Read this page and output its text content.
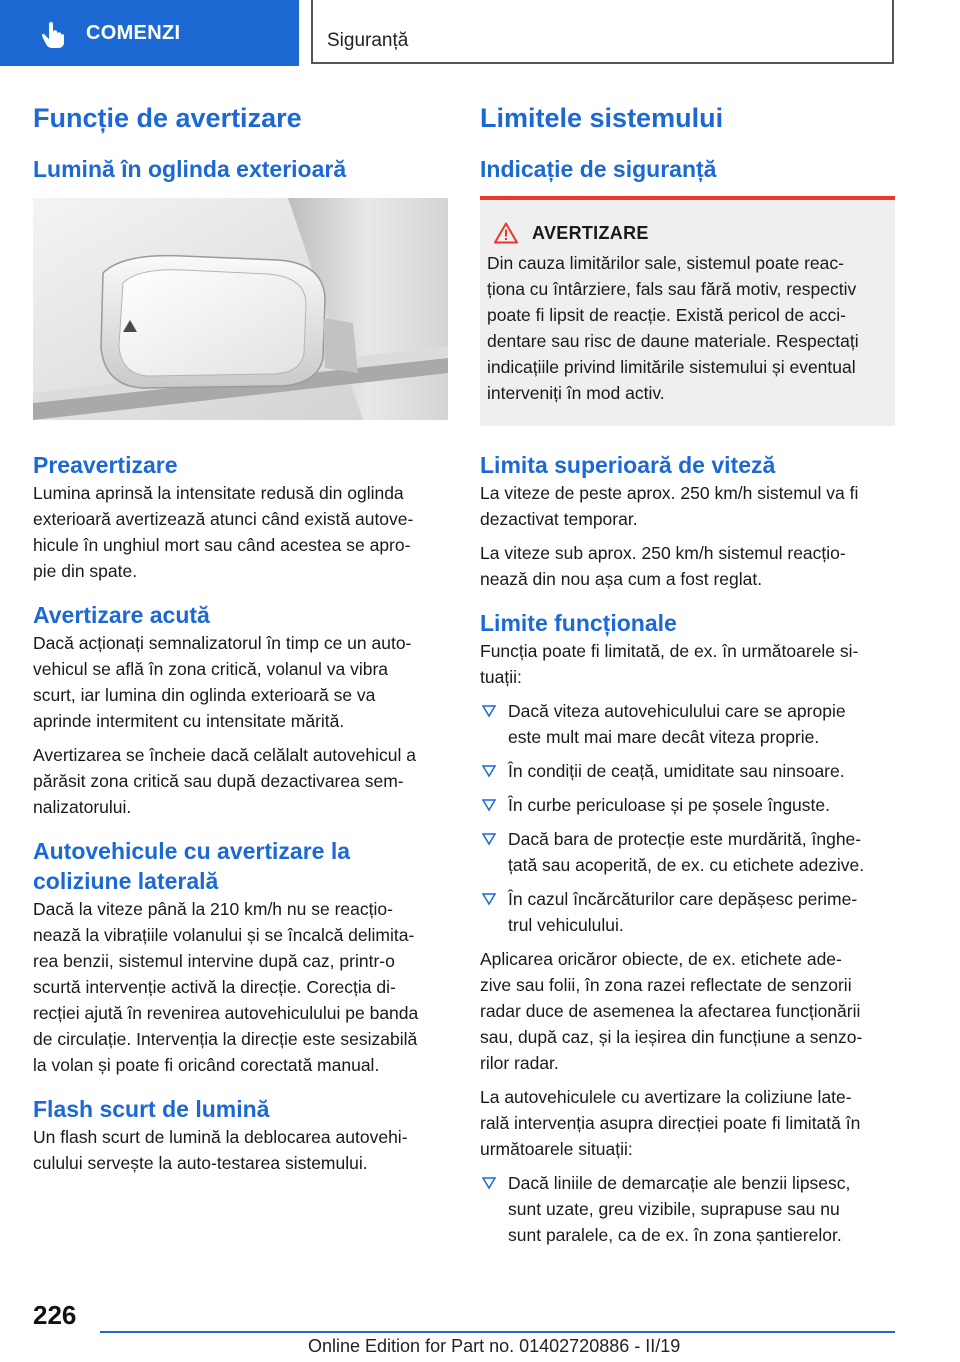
COMENZI	Siguranță
Funcție de avertizare
Lumină în oglinda exterioară
Preavertizare

Lumina aprinsă la intensitate redusă din oglinda
exterioară avertizează atunci când există autove‐
hicule în unghiul mort sau când acestea se apro‐
pie din spate.

Avertizare acută

Dacă acționați semnalizatorul în timp ce un auto‐
vehicul se află în zona critică, volanul va vibra
scurt, iar lumina din oglinda exterioară se va
aprinde intermitent cu intensitate mărită.

Avertizarea se încheie dacă celălalt autovehicul a
părăsit zona critică sau după dezactivarea sem‐
nalizatorului.

Autovehicule cu avertizare la
coliziune laterală

Dacă la viteze până la 210 km/h nu se reacțio‐
nează la vibrațiile volanului și se încalcă delimita‐
rea benzii, sistemul intervine după caz, printr-o
scurtă intervenție activă la direcție. Corecția di‐
recției ajută în revenirea autovehiculului pe banda
de circulație. Intervenția la direcție este sesizabilă
la volan și poate fi oricând corectată manual.

Flash scurt de lumină

Un flash scurt de lumină la deblocarea autovehi‐
culului servește la auto-testarea sistemului.

Limitele sistemului
Indicație de siguranță
AVERTIZARE

Din cauza limitărilor sale, sistemul poate reac‐
ționa cu întârziere, fals sau fără motiv, respectiv
poate fi lipsit de reacție. Există pericol de acci‐
dentare sau risc de daune materiale. Respectați
indicațiile privind limitările sistemului și eventual
interveniți în mod activ.

Limita superioară de viteză

La viteze de peste aprox. 250 km/h sistemul va fi
dezactivat temporar.

La viteze sub aprox. 250 km/h sistemul reacțio‐
nează din nou așa cum a fost reglat.

Limite funcționale

Funcția poate fi limitată, de ex. în următoarele si‐
tuații:

Dacă viteza autovehiculului care se apropie
este mult mai mare decât viteza proprie.
În condiții de ceață, umiditate sau ninsoare.
În curbe periculoase și pe șosele înguste.
Dacă bara de protecție este murdărită, înghe‐
țată sau acoperită, de ex. cu etichete adezive.
În cazul încărcăturilor care depășesc perime‐
trul vehiculului.

Aplicarea oricăror obiecte, de ex. etichete ade‐
zive sau folii, în zona razei reflectate de senzorii
radar duce de asemenea la afectarea funcționării
sau, după caz, și la ieșirea din funcțiune a senzo‐
rilor radar.

La autovehiculele cu avertizare la coliziune late‐
rală intervenția asupra direcției poate fi limitată în
următoarele situații:

Dacă liniile de demarcație ale benzii lipsesc,
sunt uzate, greu vizibile, suprapuse sau nu
sunt paralele, ca de ex. în zona șantierelor.
226
Online Edition for Part no. 01402720886 - II/19
